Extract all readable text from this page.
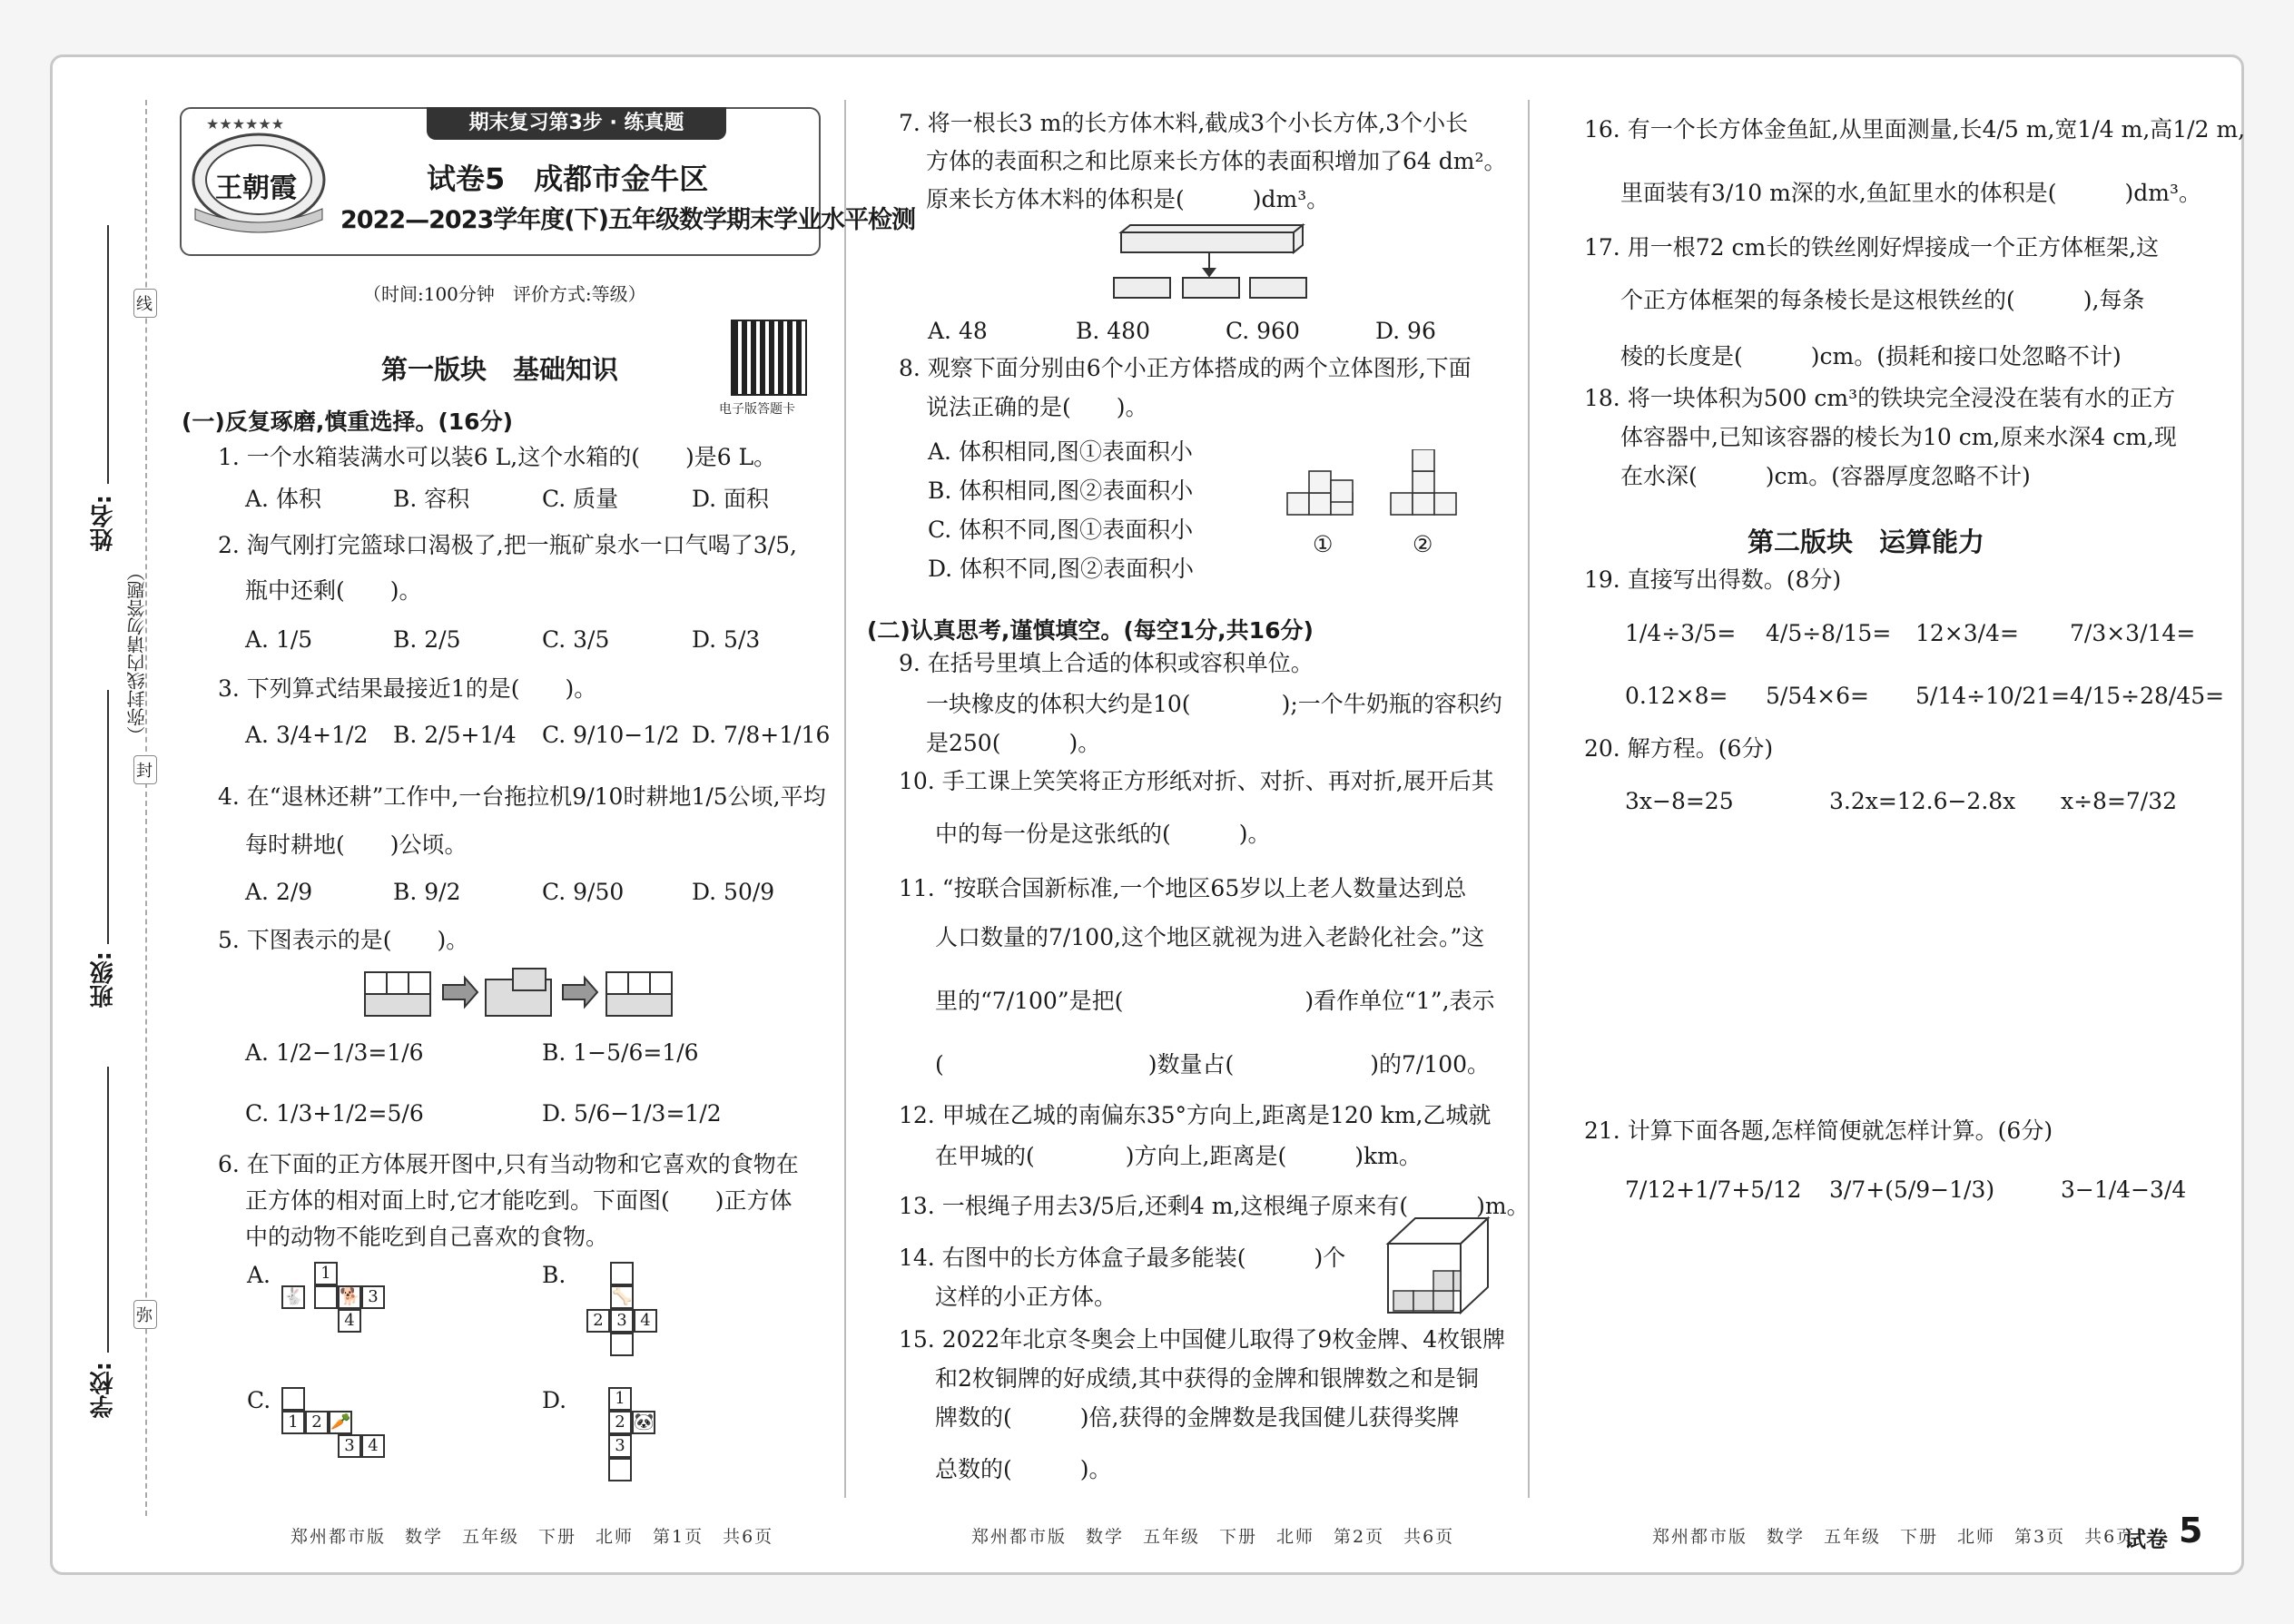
线
封
弥
（弥封线内请勿答题）
姓名:
班级:
学校:
期末复习第3步 · 练真题
★★★★★★
王朝霞	试卷5　成都市金牛区
2022—2023学年度(下)五年级数学期末学业水平检测
（时间:100分钟　评价方式:等级）
电子版答题卡
第一版块　基础知识
(一)反复琢磨,慎重选择。(16分)
1. 一个水箱装满水可以装6 L,这个水箱的(　　)是6 L。
A. 体积	B. 容积	C. 质量	D. 面积
2. 淘气刚打完篮球口渴极了,把一瓶矿泉水一口气喝了3/5,
瓶中还剩(　　)。
A. 1/5	B. 2/5	C. 3/5	D. 5/3
3. 下列算式结果最接近1的是(　　)。
A. 3/4+1/2 B. 2/5+1/4 C. 9/10−1/2 D. 7/8+1/16
4. 在“退林还耕”工作中,一台拖拉机9/10时耕地1/5公顷,平均
每时耕地(　　)公顷。
A. 2/9	B. 9/2	C. 9/50	D. 50/9
5. 下图表示的是(　　)。
A. 1/2−1/3=1/6	B. 1−5/6=1/6
C. 1/3+1/2=5/6	D. 5/6−1/3=1/2
6. 在下面的正方体展开图中,只有当动物和它喜欢的食物在
正方体的相对面上时,它才能吃到。下面图(　　)正方体
中的动物不能吃到自己喜欢的食物。
A.	1
🐇 🐕 3
4
B.
🦴
2 3 4
C.
1 2 🥕
3 4
D.	1
2 🐼
3
7. 将一根长3 m的长方体木料,截成3个小长方体,3个小长
方体的表面积之和比原来长方体的表面积增加了64 dm²。
原来长方体木料的体积是(　　　)dm³。
A. 48	B. 480	C. 960	D. 96
8. 观察下面分别由6个小正方体搭成的两个立体图形,下面
说法正确的是(　　)。
A. 体积相同,图①表面积小
B. 体积相同,图②表面积小
C. 体积不同,图①表面积小
D. 体积不同,图②表面积小
①	②
(二)认真思考,谨慎填空。(每空1分,共16分)
9. 在括号里填上合适的体积或容积单位。
一块橡皮的体积大约是10(　　　　);一个牛奶瓶的容积约
是250(　　　)。
10. 手工课上笑笑将正方形纸对折、对折、再对折,展开后其
中的每一份是这张纸的(　　　)。
11. “按联合国新标准,一个地区65岁以上老人数量达到总
人口数量的7/100,这个地区就视为进入老龄化社会。”这
里的“7/100”是把(　　　　　　　　)看作单位“1”,表示
(　　　　　　　　　)数量占(　　　　　　)的7/100。
12. 甲城在乙城的南偏东35°方向上,距离是120 km,乙城就
在甲城的(　　　　)方向上,距离是(　　　)km。
13. 一根绳子用去3/5后,还剩4 m,这根绳子原来有(　　　)m。
14. 右图中的长方体盒子最多能装(　　　)个
这样的小正方体。
15. 2022年北京冬奥会上中国健儿取得了9枚金牌、4枚银牌
和2枚铜牌的好成绩,其中获得的金牌和银牌数之和是铜
牌数的(　　　)倍,获得的金牌数是我国健儿获得奖牌
总数的(　　　)。
16. 有一个长方体金鱼缸,从里面测量,长4/5 m,宽1/4 m,高1/2 m,
里面装有3/10 m深的水,鱼缸里水的体积是(　　　)dm³。
17. 用一根72 cm长的铁丝刚好焊接成一个正方体框架,这
个正方体框架的每条棱长是这根铁丝的(　　　),每条
棱的长度是(　　　)cm。(损耗和接口处忽略不计)
18. 将一块体积为500 cm³的铁块完全浸没在装有水的正方
体容器中,已知该容器的棱长为10 cm,原来水深4 cm,现
在水深(　　　)cm。(容器厚度忽略不计)
第二版块　运算能力
19. 直接写出得数。(8分)
1/4÷3/5= 4/5÷8/15= 12×3/4= 7/3×3/14=
0.12×8= 5/54×6= 5/14÷10/21= 4/15÷28/45=
20. 解方程。(6分)
3x−8=25	3.2x=12.6−2.8x x÷8=7/32
21. 计算下面各题,怎样简便就怎样计算。(6分)
7/12+1/7+5/12 3/7+(5/9−1/3)	3−1/4−3/4
郑州都市版　数学　五年级　下册　北师　第1页　共6页	郑州都市版　数学　五年级　下册　北师　第2页　共6页	郑州都市版　数学　五年级　下册　北师　第3页　共6页
试卷 5
